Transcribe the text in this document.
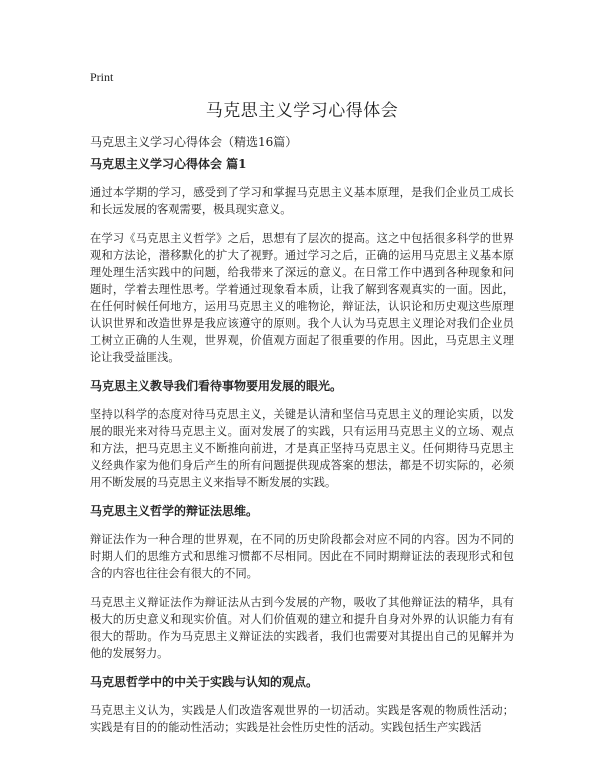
Print
马克思主义学习心得体会

马克思主义学习心得体会（精选16篇）

马克思主义学习心得体会 篇1

通过本学期的学习，感受到了学习和掌握马克思主义基本原理，是我们企业员工成长和长远发展的客观需要，极具现实意义。

在学习《马克思主义哲学》之后，思想有了层次的提高。这之中包括很多科学的世界观和方法论，潜移默化的扩大了视野。通过学习之后，正确的运用马克思主义基本原理处理生活实践中的问题，给我带来了深远的意义。在日常工作中遇到各种现象和问题时，学着去理性思考。学着通过现象看本质，让我了解到客观真实的一面。因此，在任何时候任何地方，运用马克思主义的唯物论，辩证法，认识论和历史观这些原理认识世界和改造世界是我应该遵守的原则。我个人认为马克思主义理论对我们企业员工树立正确的人生观，世界观，价值观方面起了很重要的作用。因此，马克思主义理论让我受益匪浅。

马克思主义教导我们看待事物要用发展的眼光。

坚持以科学的态度对待马克思主义，关键是认清和坚信马克思主义的理论实质，以发展的眼光来对待马克思主义。面对发展了的实践，只有运用马克思主义的立场、观点和方法，把马克思主义不断推向前进，才是真正坚持马克思主义。任何期待马克思主义经典作家为他们身后产生的所有问题提供现成答案的想法，都是不切实际的，必须用不断发展的马克思主义来指导不断发展的实践。

马克思主义哲学的辩证法思维。

辩证法作为一种合理的世界观，在不同的历史阶段都会对应不同的内容。因为不同的时期人们的思维方式和思维习惯都不尽相同。因此在不同时期辩证法的表现形式和包含的内容也往往会有很大的不同。

马克思主义辩证法作为辩证法从古到今发展的产物，吸收了其他辩证法的精华，具有极大的历史意义和现实价值。对人们价值观的建立和提升自身对外界的认识能力有有很大的帮助。作为马克思主义辩证法的实践者，我们也需要对其提出自己的见解并为他的发展努力。

马克思哲学中的中关于实践与认知的观点。

马克思主义认为，实践是人们改造客观世界的一切活动。实践是客观的物质性活动；实践是有目的的能动性活动；实践是社会性历史性的活动。实践包括生产实践活
